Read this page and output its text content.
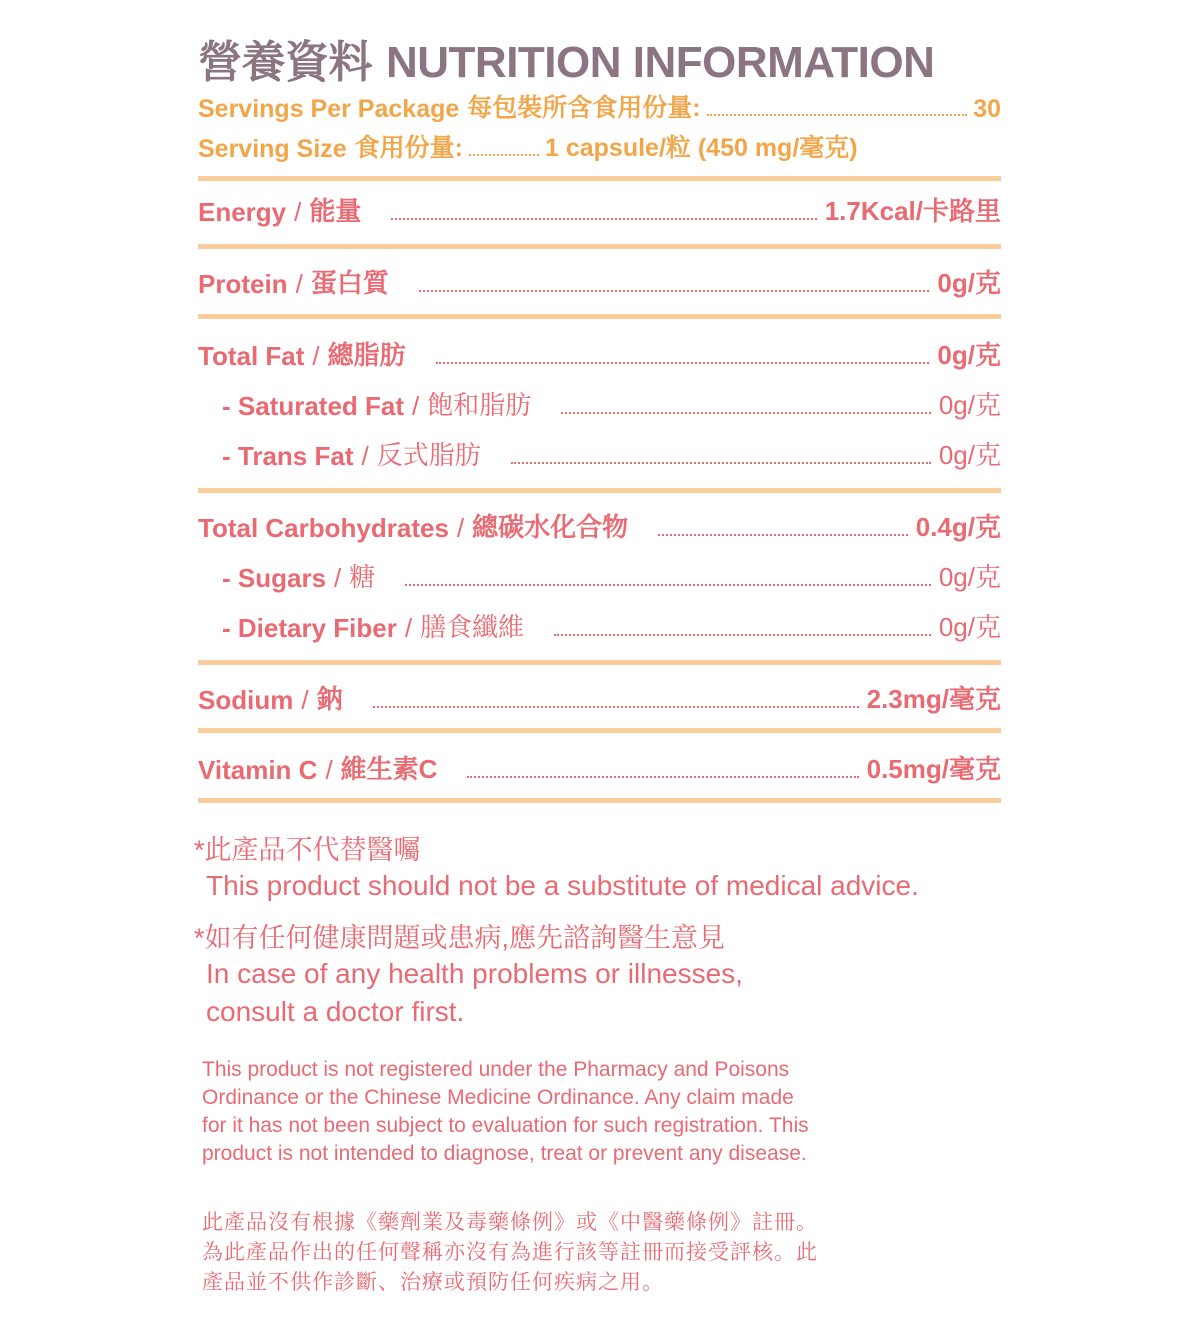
營養資料 NUTRITION INFORMATION
Servings Per Package 每包裝所含食用份量:	30
Serving Size 食用份量:	1 capsule/粒 (450 mg/毫克)
Energy / 能量	1.7Kcal/卡路里
Protein / 蛋白質	0g/克
Total Fat / 總脂肪	0g/克
- Saturated Fat / 飽和脂肪	0g/克
- Trans Fat / 反式脂肪	0g/克
Total Carbohydrates / 總碳水化合物	0.4g/克
- Sugars / 糖	0g/克
- Dietary Fiber / 膳食纖維	0g/克
Sodium / 鈉	2.3mg/毫克
Vitamin C / 維生素C	0.5mg/毫克
*此產品不代替醫囑
This product should not be a substitute of medical advice.
*如有任何健康問題或患病,應先諮詢醫生意見
In case of any health problems or illnesses,
consult a doctor first.
This product is not registered under the Pharmacy and Poisons Ordinance or the Chinese Medicine Ordinance. Any claim made for it has not been subject to evaluation for such registration. This product is not intended to diagnose, treat or prevent any disease.
此產品沒有根據《藥劑業及毒藥條例》或《中醫藥條例》註冊。為此產品作出的任何聲稱亦沒有為進行該等註冊而接受評核。此產品並不供作診斷、治療或預防任何疾病之用。
